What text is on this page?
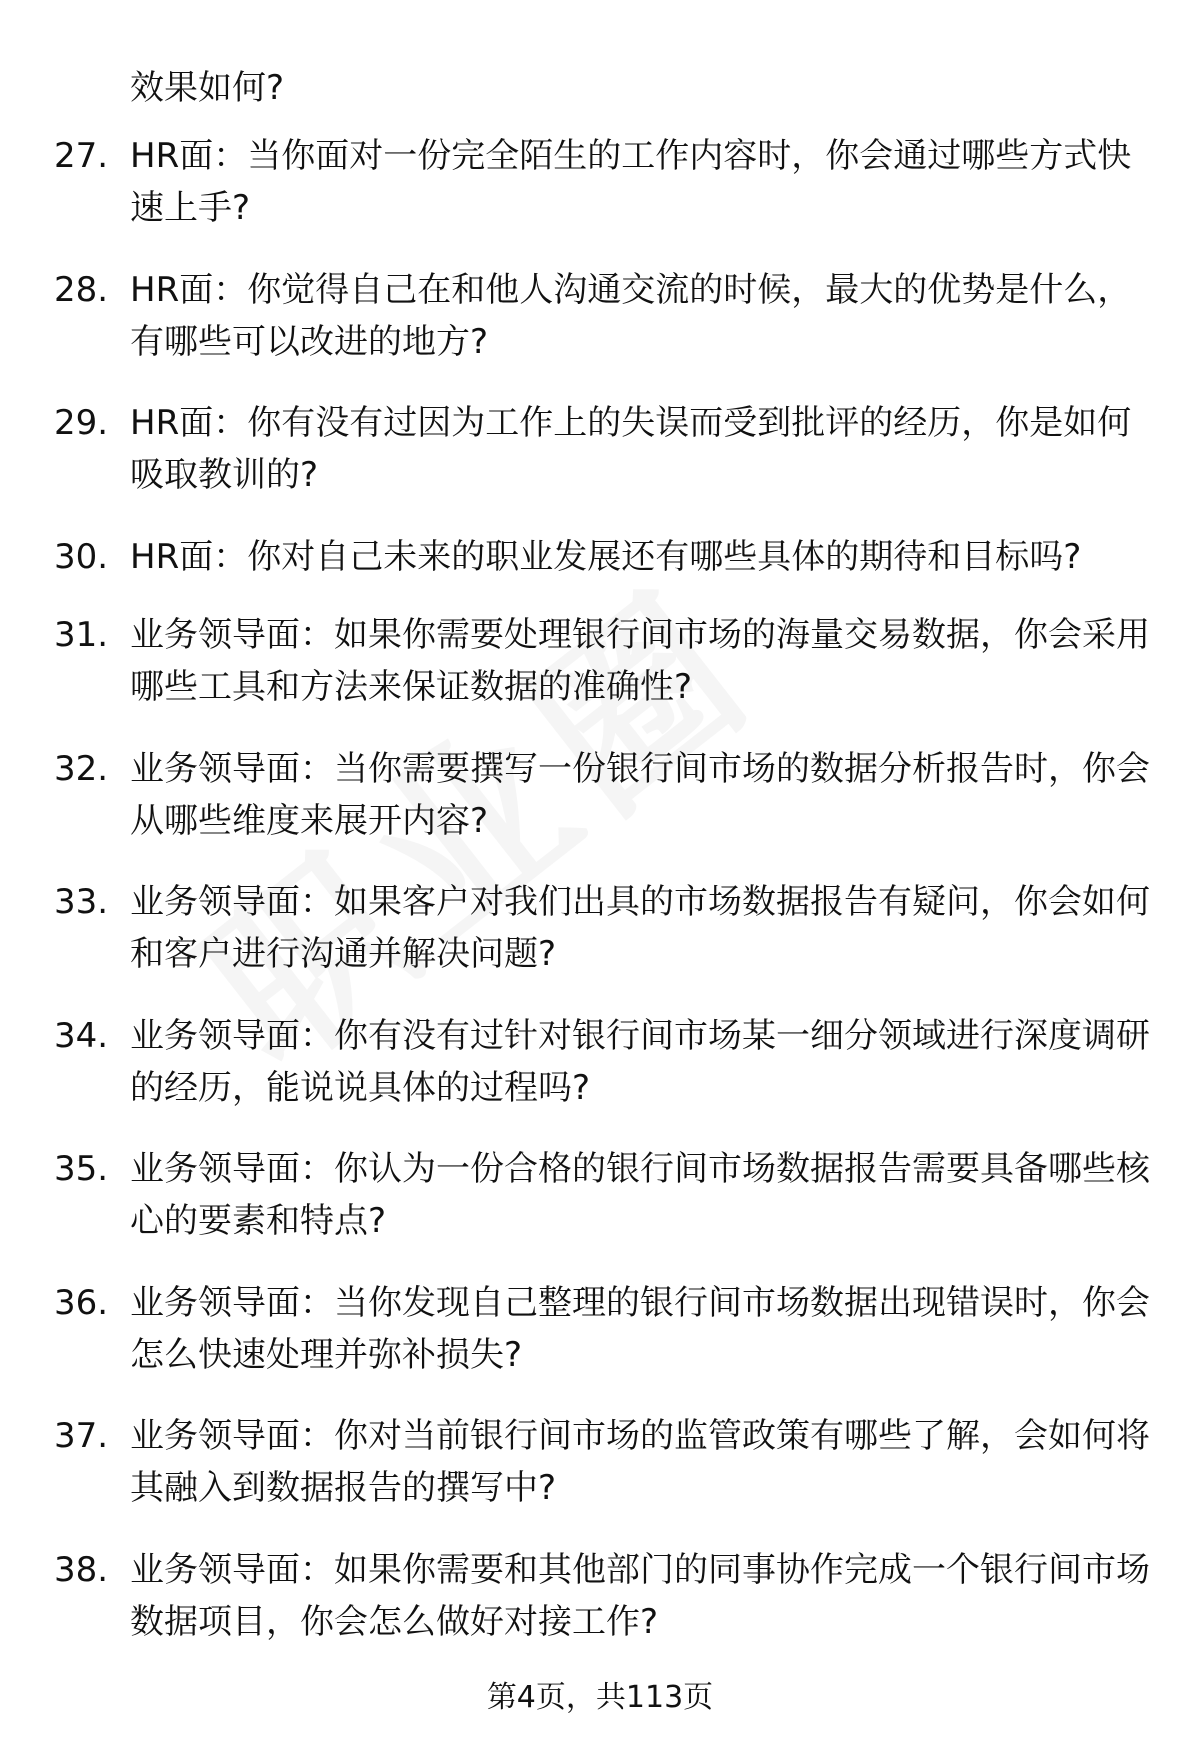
效果如何?
27. HR面：当你面对一份完全陌生的工作内容时，你会通过哪些方式快速上手?
28. HR面：你觉得自己在和他人沟通交流的时候，最大的优势是什么，有哪些可以改进的地方?
29. HR面：你有没有过因为工作上的失误而受到批评的经历，你是如何吸取教训的?
30. HR面：你对自己未来的职业发展还有哪些具体的期待和目标吗?
31. 业务领导面：如果你需要处理银行间市场的海量交易数据，你会采用哪些工具和方法来保证数据的准确性?
32. 业务领导面：当你需要撰写一份银行间市场的数据分析报告时，你会从哪些维度来展开内容?
33. 业务领导面：如果客户对我们出具的市场数据报告有疑问，你会如何和客户进行沟通并解决问题?
34. 业务领导面：你有没有过针对银行间市场某一细分领域进行深度调研的经历，能说说具体的过程吗?
35. 业务领导面：你认为一份合格的银行间市场数据报告需要具备哪些核心的要素和特点?
36. 业务领导面：当你发现自己整理的银行间市场数据出现错误时，你会怎么快速处理并弥补损失?
37. 业务领导面：你对当前银行间市场的监管政策有哪些了解，会如何将其融入到数据报告的撰写中?
38. 业务领导面：如果你需要和其他部门的同事协作完成一个银行间市场数据项目，你会怎么做好对接工作?
第4页，共113页
